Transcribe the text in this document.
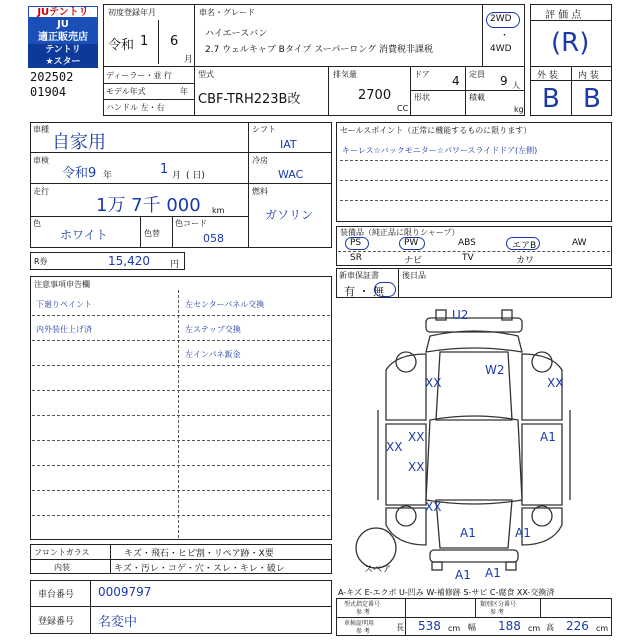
JUテントリ
JU
適正販売店
テントリ
★スター
202502
01904
初度登録年月
令和 1 6
月
車名・グレード
ハイエースバン
2.7 ウェルキャブ Bタイプ スーパーロング 消費税非課税
2WD
・
4WD
ディーラー・並 行
モデル年式	年
ハンドル 左・右
型式
CBF-TRH223B改
排気量
2700
CC
ドア 4
形状
定員 9 人
積載
kg
評 価 点
(R)
外 装 内 装
B B
車種
自家用
車検
令和9 年	1 月 ( 日)
走行
1万 7千 000 km
色
ホワイト	色替
色コード
058
シフト
IAT
冷房
WAC
燃料
ガソリン
R券	15,420 円
セールスポイント（正常に機能するものに限ります）
キーレス☆バックモニター☆パワースライドドア(左側)
装備品（純正品に限りシャープ）
PS	PW	ABS	エアB	AW
SR	ナビ	TV	カワ
新車保証書
有 ・ 無
後日品
注意事項申告欄
下廻りペイント
内外装仕上げ済
左センターパネル交換
左ステップ交換
左インパネ鈑金
U2
W2
XX	XX
XX
XX
XX
A1
XX
A1	A1
A1 A1
スペア
A-キズ E-エクボ U-凹み W-補修跡 S-サビ C-腐食 XX-交換済
フロントガラス	キズ・飛石・ヒビ割・リペア跡・X要
内装	キズ・汚レ・コゲ・穴・スレ・キレ・破レ
車台番号 0009797
登録番号 名変中
型式指定番号
参 考
類別区分番号
参 考
車検証明用
参 考	長 538 cm 幅 188 cm 高 226 cm
